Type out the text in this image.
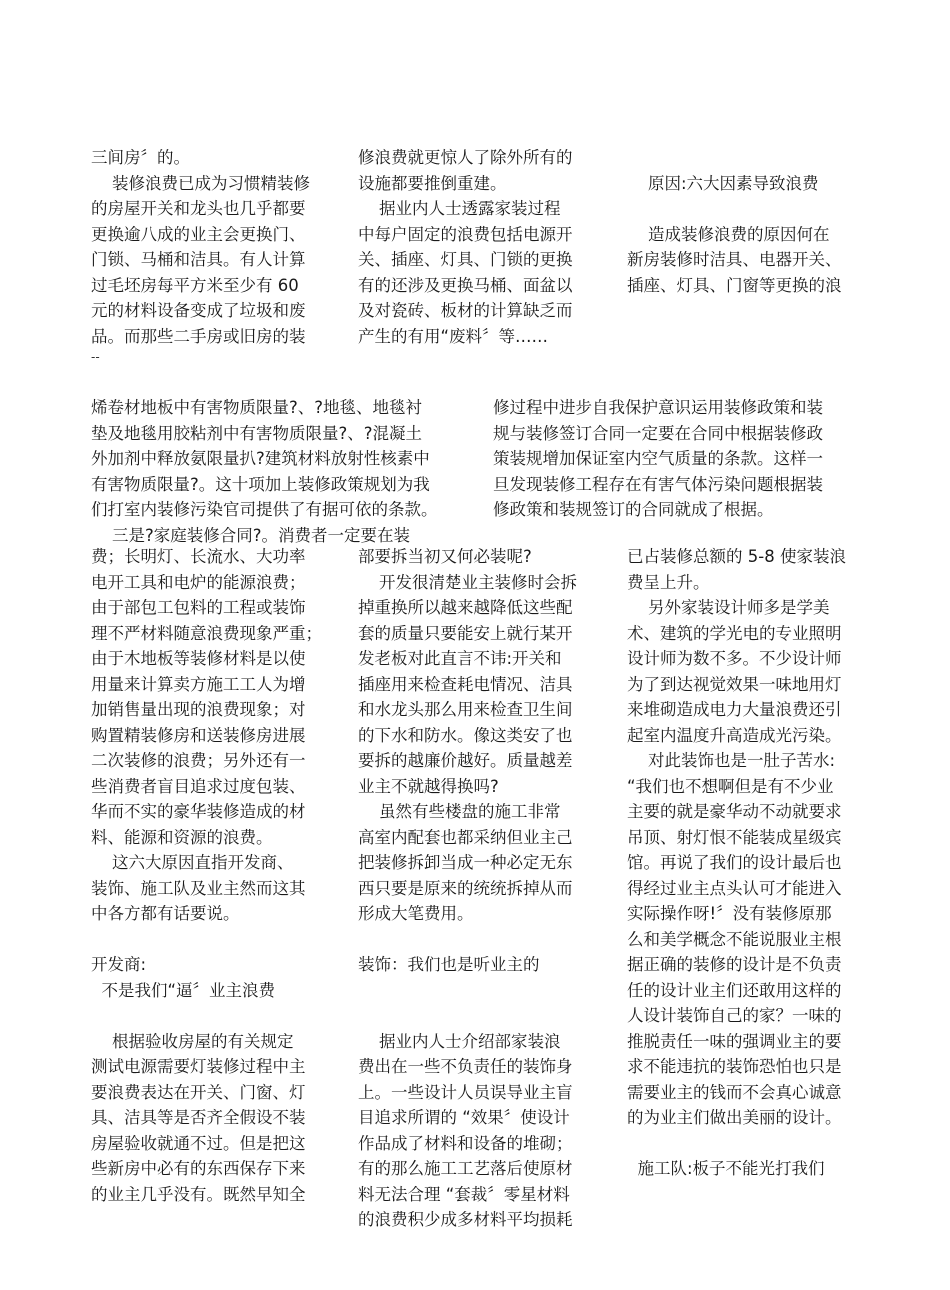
三间房〞的。
装修浪费已成为习惯精装修
的房屋开关和龙头也几乎都要
更换逾八成的业主会更换门、
门锁、马桶和洁具。有人计算
过毛坯房每平方米至少有 60
元的材料设备变成了垃圾和废
品。而那些二手房或旧房的装
修浪费就更惊人了除外所有的
设施都要推倒重建。
据业内人士透露家装过程
中每户固定的浪费包括电源开
关、插座、灯具、门锁的更换
有的还涉及更换马桶、面盆以
及对瓷砖、板材的计算缺乏而
产生的有用“废料〞等……
原因:六大因素导致浪费
造成装修浪费的原因何在
新房装修时洁具、电器开关、
插座、灯具、门窗等更换的浪
--
烯卷材地板中有害物质限量?、?地毯、地毯衬
垫及地毯用胶粘剂中有害物质限量?、?混凝土
外加剂中释放氨限量扒?建筑材料放射性核素中
有害物质限量?。这十项加上装修政策规划为我
们打室内装修污染官司提供了有据可依的条款。
三是?家庭装修合同?。消费者一定要在装
修过程中进步自我保护意识运用装修政策和装
规与装修签订合同一定要在合同中根据装修政
策装规增加保证室内空气质量的条款。这样一
旦发现装修工程存在有害气体污染问题根据装
修政策和装规签订的合同就成了根据。
费；长明灯、长流水、大功率
电开工具和电炉的能源浪费；
由于部包工包料的工程或装饰
理不严材料随意浪费现象严重；
由于木地板等装修材料是以使
用量来计算卖方施工工人为增
加销售量出现的浪费现象；对
购置精装修房和送装修房进展
二次装修的浪费；另外还有一
些消费者盲目追求过度包装、
华而不实的豪华装修造成的材
料、能源和资源的浪费。
这六大原因直指开发商、
装饰、施工队及业主然而这其
中各方都有话要说。
开发商:
不是我们“逼〞业主浪费
根据验收房屋的有关规定
测试电源需要灯装修过程中主
要浪费表达在开关、门窗、灯
具、洁具等是否齐全假设不装
房屋验收就通不过。但是把这
些新房中必有的东西保存下来
的业主几乎没有。既然早知全
部要拆当初又何必装呢?
开发很清楚业主装修时会拆
掉重换所以越来越降低这些配
套的质量只要能安上就行某开
发老板对此直言不讳:开关和
插座用来检查耗电情况、洁具
和水龙头那么用来检查卫生间
的下水和防水。像这类安了也
要拆的越廉价越好。质量越差
业主不就越得换吗?
虽然有些楼盘的施工非常
高室内配套也都采纳但业主己
把装修拆卸当成一种必定无东
西只要是原来的统统拆掉从而
形成大笔费用。
装饰：我们也是听业主的
据业内人士介绍部家装浪
费出在一些不负责任的装饰身
上。一些设计人员误导业主盲
目追求所谓的 “效果〞使设计
作品成了材料和设备的堆砌；
有的那么施工工艺落后使原材
料无法合理 “套裁〞零星材料
的浪费积少成多材料平均损耗
已占装修总额的 5-8 使家装浪
费呈上升。
另外家装设计师多是学美
术、建筑的学光电的专业照明
设计师为数不多。不少设计师
为了到达视觉效果一味地用灯
来堆砌造成电力大量浪费还引
起室内温度升高造成光污染。
对此装饰也是一肚子苦水:
“我们也不想啊但是有不少业
主要的就是豪华动不动就要求
吊顶、射灯恨不能装成星级宾
馆。再说了我们的设计最后也
得经过业主点头认可才能进入
实际操作呀!〞没有装修原那
么和美学概念不能说服业主根
据正确的装修的设计是不负责
任的设计业主们还敢用这样的
人设计装饰自己的家？一味的
推脱责任一味的强调业主的要
求不能违抗的装饰恐怕也只是
需要业主的钱而不会真心诚意
的为业主们做出美丽的设计。
施工队:板子不能光打我们
